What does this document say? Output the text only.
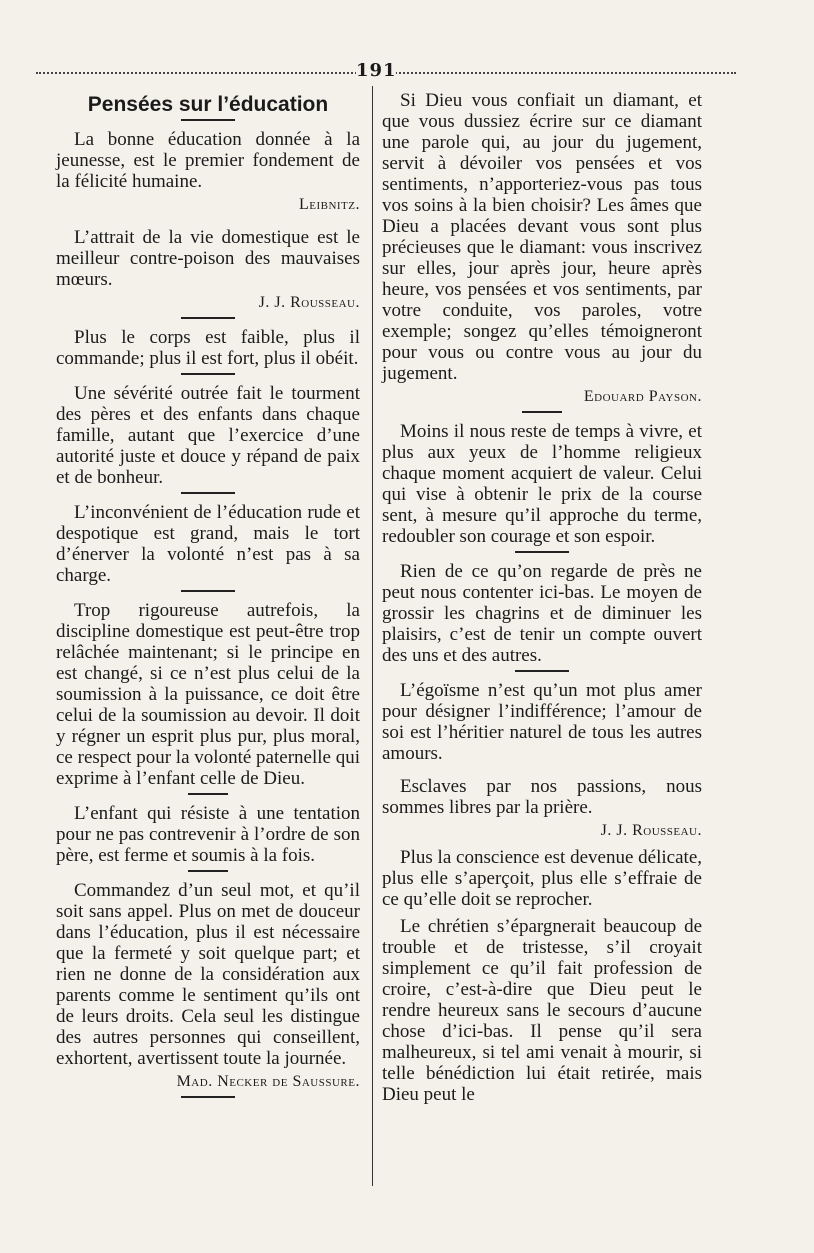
191
Pensées sur l’éducation

La bonne éducation donnée à la jeunesse, est le premier fondement de la félicité humaine.

Leibnitz.

L’attrait de la vie domestique est le meilleur contre-poison des mauvaises mœurs.

J. J. Rousseau.

Plus le corps est faible, plus il commande; plus il est fort, plus il obéit.

Une sévérité outrée fait le tourment des pères et des enfants dans chaque famille, autant que l’exercice d’une autorité juste et douce y répand de paix et de bonheur.

L’inconvénient de l’éducation rude et despotique est grand, mais le tort d’énerver la volonté n’est pas à sa charge.

Trop rigoureuse autrefois, la discipline domestique est peut-être trop relâchée maintenant; si le principe en est changé, si ce n’est plus celui de la soumission à la puissance, ce doit être celui de la soumission au devoir. Il doit y régner un esprit plus pur, plus moral, ce respect pour la volonté paternelle qui exprime à l’enfant celle de Dieu.

L’enfant qui résiste à une tentation pour ne pas contrevenir à l’ordre de son père, est ferme et soumis à la fois.

Commandez d’un seul mot, et qu’il soit sans appel. Plus on met de douceur dans l’éducation, plus il est nécessaire que la fermeté y soit quelque part; et rien ne donne de la considération aux parents comme le sentiment qu’ils ont de leurs droits. Cela seul les distingue des autres personnes qui conseillent, exhortent, avertissent toute la journée.

Mad. Necker de Saussure.

Si Dieu vous confiait un diamant, et que vous dussiez écrire sur ce diamant une parole qui, au jour du jugement, servit à dévoiler vos pensées et vos sentiments, n’apporteriez-vous pas tous vos soins à la bien choisir? Les âmes que Dieu a placées devant vous sont plus précieuses que le diamant: vous inscrivez sur elles, jour après jour, heure après heure, vos pensées et vos sentiments, par votre conduite, vos paroles, votre exemple; songez qu’elles témoigneront pour vous ou contre vous au jour du jugement.

Edouard Payson.

Moins il nous reste de temps à vivre, et plus aux yeux de l’homme religieux chaque moment acquiert de valeur. Celui qui vise à obtenir le prix de la course sent, à mesure qu’il approche du terme, redoubler son courage et son espoir.

Rien de ce qu’on regarde de près ne peut nous contenter ici-bas. Le moyen de grossir les chagrins et de diminuer les plaisirs, c’est de tenir un compte ouvert des uns et des autres.

L’égoïsme n’est qu’un mot plus amer pour désigner l’indifférence; l’amour de soi est l’héritier naturel de tous les autres amours.

Esclaves par nos passions, nous sommes libres par la prière.

J. J. Rousseau.

Plus la conscience est devenue délicate, plus elle s’aperçoit, plus elle s’effraie de ce qu’elle doit se reprocher.

Le chrétien s’épargnerait beaucoup de trouble et de tristesse, s’il croyait simplement ce qu’il fait profession de croire, c’est-à-dire que Dieu peut le rendre heureux sans le secours d’aucune chose d’ici-bas. Il pense qu’il sera malheureux, si tel ami venait à mourir, si telle bénédiction lui était retirée, mais Dieu peut le
